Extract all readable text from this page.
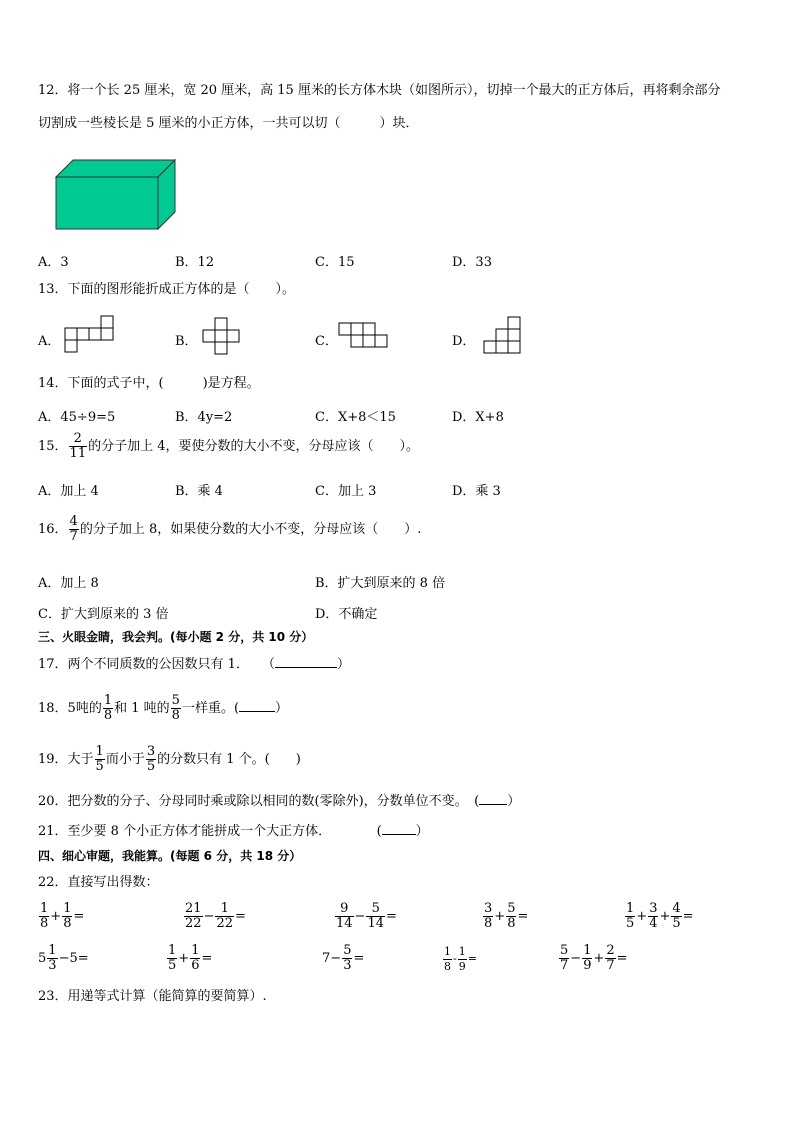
12．将一个长 25 厘米，宽 20 厘米，高 15 厘米的长方体木块（如图所示），切掉一个最大的正方体后，再将剩余部分
切割成一些棱长是 5 厘米的小正方体，一共可以切（　　　）块．
A．3	B．12	C．15	D．33
13．下面的图形能折成正方体的是（　　）。
A．	B．	C．	D．
14．下面的式子中，(　　　)是方程。
A．45÷9=5	B．4y=2	C．X+8＜15	D．X+8
15． $\frac{2}{11}$ 的分子加上 4，要使分数的大小不变，分母应该（　　）。
A．加上 4	B．乘 4	C．加上 3	D．乘 3
16． $\frac{4}{7}$ 的分子加上 8，如果使分数的大小不变，分母应该（　　）.
A．加上 8	B．扩大到原来的 8 倍
C．扩大到原来的 3 倍	D．不确定
三、火眼金睛，我会判。(每小题 2 分，共 10 分）
17．两个不同质数的公因数只有 1．　　（	）
18．5吨的 $\frac{1}{8}$ 和 1 吨的 $\frac{5}{8}$ 一样重。(	）
19．大于 $\frac{1}{5}$ 而小于 $\frac{3}{5}$ 的分数只有 1 个。(　　)
20．把分数的分子、分母同时乘或除以相同的数(零除外)，分数单位不变。　( ）
21．至少要 8 个小正方体才能拼成一个大正方体．　　　　(	）
四、细心审题，我能算。(每题 6 分，共 18 分）
22．直接写出得数：
$\frac{1}{8} + \frac{1}{8}$ =	$\frac{21}{22} - \frac{1}{22}$ =	$\frac{9}{14} - \frac{5}{14}$ =	$\frac{3}{8} + \frac{5}{8}$ =	$\frac{1}{5} + \frac{3}{4} + \frac{4}{5}$ =
$5 \frac{1}{3} -5=$	$\frac{1}{5} + \frac{1}{6}$ =	$7- \frac{5}{3}$ =	$\frac{1}{8} - \frac{1}{9}$ =	$\frac{5}{7} - \frac{1}{9} + \frac{2}{7}$ =
23．用递等式计算（能简算的要简算）.
